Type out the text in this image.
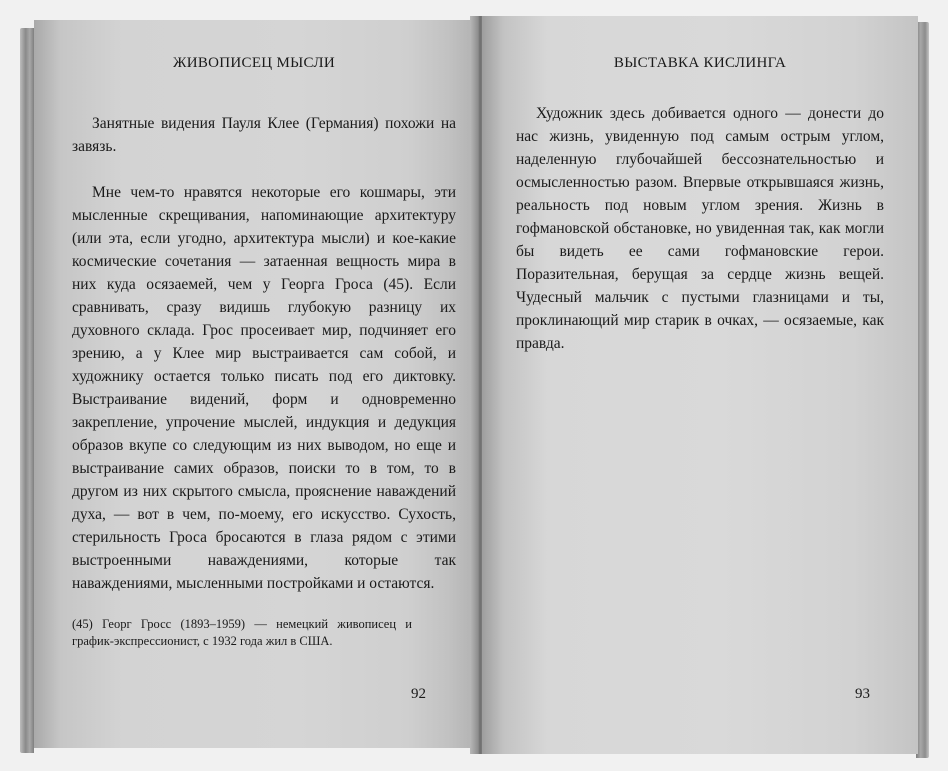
ЖИВОПИСЕЦ МЫСЛИ

Занятные видения Пауля Клее (Германия) похожи на завязь.

Мне чем-то нравятся некоторые его кошмары, эти мысленные скрещивания, напоминающие архитектуру (или эта, если угодно, архитектура мысли) и кое-какие космические сочетания — затаенная вещность мира в них куда осязаемей, чем у Георга Гроса (45). Если сравнивать, сразу видишь глубокую разницу их духовного склада. Грос просеивает мир, подчиняет его зрению, а у Клее мир выстраивается сам собой, и художнику остается только писать под его диктовку. Выстраивание видений, форм и одновременно закрепление, упрочение мыслей, индукция и дедукция образов вкупе со следующим из них выводом, но еще и выстраивание самих образов, поиски то в том, то в другом из них скрытого смысла, прояснение наваждений духа, — вот в чем, по-моему, его искусство. Сухость, стерильность Гроса бросаются в глаза рядом с этими выстроенными наваждениями, которые так наваждениями, мысленными постройками и остаются.

(45) Георг Гросс (1893–1959) — немецкий живописец и график-экспрессионист, с 1932 года жил в США.
92
ВЫСТАВКА КИСЛИНГА

Художник здесь добивается одного — донести до нас жизнь, увиденную под самым острым углом, наделенную глубочайшей бессознательностью и осмысленностью разом. Впервые открывшаяся жизнь, реальность под новым углом зрения. Жизнь в гофмановской обстановке, но увиденная так, как могли бы видеть ее сами гофмановские герои. Поразительная, берущая за сердце жизнь вещей. Чудесный мальчик с пустыми глазницами и ты, проклинающий мир старик в очках, — осязаемые, как правда.

93
